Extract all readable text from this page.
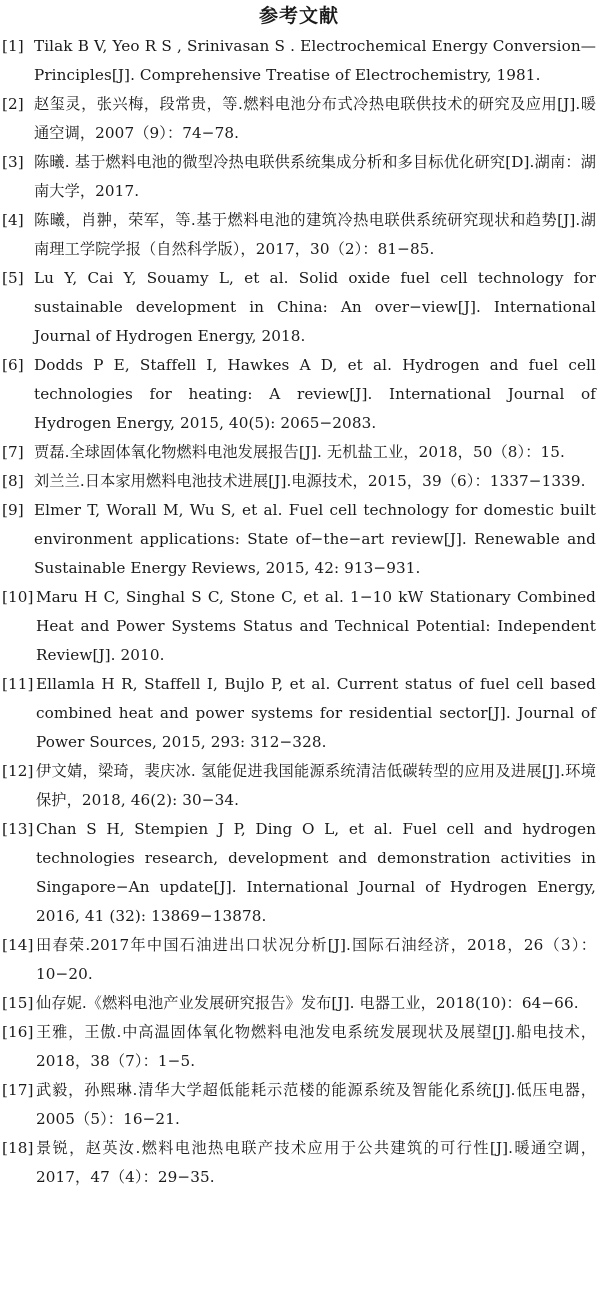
参考文献
[1] Tilak B V, Yeo R S , Srinivasan S . Electrochemical Energy Conversion—Principles[J]. Comprehensive Treatise of Electrochemistry, 1981.
[2] 赵玺灵，张兴梅，段常贵，等.燃料电池分布式冷热电联供技术的研究及应用[J].暖通空调，2007（9）：74−78.
[3] 陈曦. 基于燃料电池的微型冷热电联供系统集成分析和多目标优化研究[D].湖南：湖南大学，2017.
[4] 陈曦，肖翀，荣军，等.基于燃料电池的建筑冷热电联供系统研究现状和趋势[J].湖南理工学院学报（自然科学版），2017，30（2）：81−85.
[5] Lu Y, Cai Y, Souamy L, et al. Solid oxide fuel cell technology for sustainable development in China: An over−view[J]. International Journal of Hydrogen Energy, 2018.
[6] Dodds P E, Staffell I, Hawkes A D, et al. Hydrogen and fuel cell technologies for heating: A review[J]. International Journal of Hydrogen Energy, 2015, 40(5): 2065−2083.
[7] 贾磊.全球固体氧化物燃料电池发展报告[J]. 无机盐工业，2018，50（8）：15.
[8] 刘兰兰.日本家用燃料电池技术进展[J].电源技术，2015，39（6）：1337−1339.
[9] Elmer T, Worall M, Wu S, et al. Fuel cell technology for domestic built environment applications: State of−the−art review[J]. Renewable and Sustainable Energy Reviews, 2015, 42: 913−931.
[10] Maru H C, Singhal S C, Stone C, et al. 1−10 kW Stationary Combined Heat and Power Systems Status and Technical Potential: Independent Review[J]. 2010.
[11] Ellamla H R, Staffell I, Bujlo P, et al. Current status of fuel cell based combined heat and power systems for residential sector[J]. Journal of Power Sources, 2015, 293: 312−328.
[12] 伊文婧，梁琦，裴庆冰. 氢能促进我国能源系统清洁低碳转型的应用及进展[J].环境保护，2018, 46(2): 30−34.
[13] Chan S H, Stempien J P, Ding O L, et al. Fuel cell and hydrogen technologies research, development and demonstration activities in Singapore−An update[J]. International Journal of Hydrogen Energy, 2016, 41 (32): 13869−13878.
[14] 田春荣.2017年中国石油进出口状况分析[J].国际石油经济，2018，26（3）：10−20.
[15] 仙存妮.《燃料电池产业发展研究报告》发布[J]. 电器工业，2018(10)：64−66.
[16] 王雅，王傲.中高温固体氧化物燃料电池发电系统发展现状及展望[J].船电技术，2018，38（7）：1−5.
[17] 武毅，孙熙琳.清华大学超低能耗示范楼的能源系统及智能化系统[J].低压电器，2005（5）：16−21.
[18] 景锐，赵英汝.燃料电池热电联产技术应用于公共建筑的可行性[J].暖通空调，2017，47（4）：29−35.
